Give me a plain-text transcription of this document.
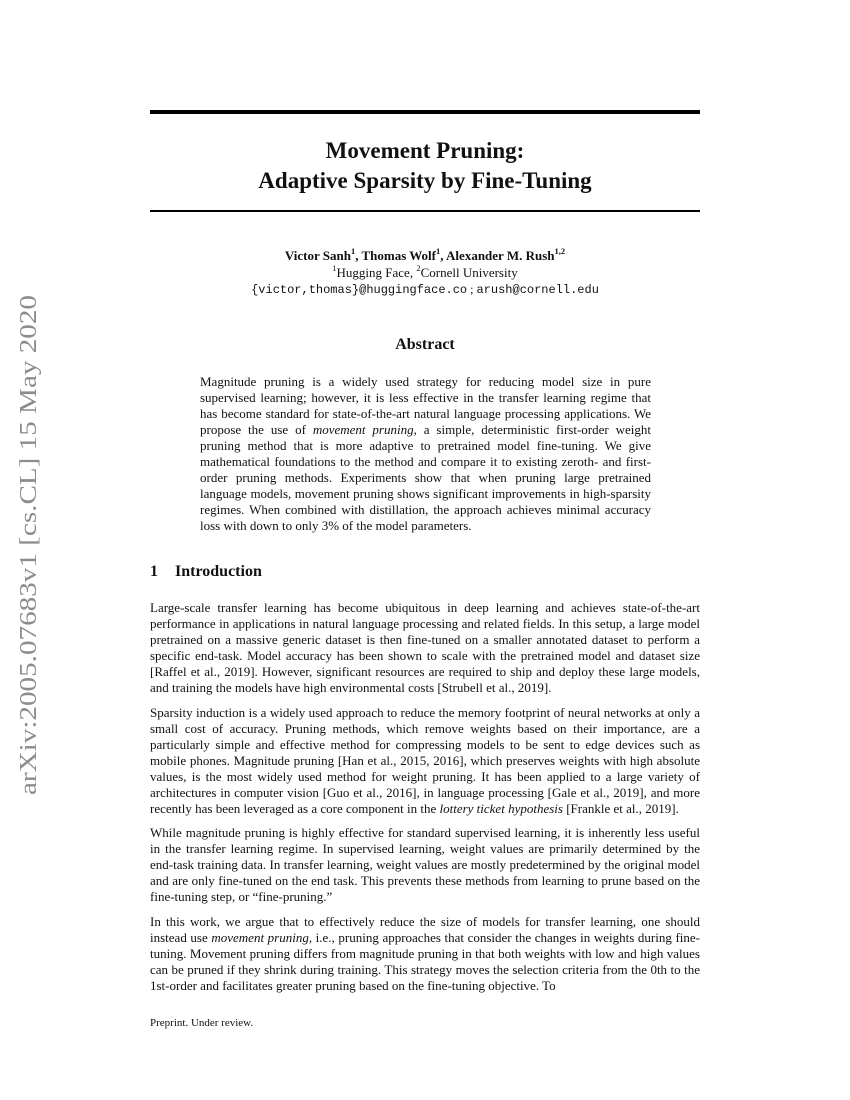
arXiv:2005.07683v1 [cs.CL] 15 May 2020
Movement Pruning:
Adaptive Sparsity by Fine-Tuning
Victor Sanh$^1$, Thomas Wolf$^1$, Alexander M. Rush$^{1,2}$
$^1$Hugging Face, $^2$Cornell University
{victor,thomas}@huggingface.co ; arush@cornell.edu
Abstract
Magnitude pruning is a widely used strategy for reducing model size in pure supervised learning; however, it is less effective in the transfer learning regime that has become standard for state-of-the-art natural language processing applications. We propose the use of movement pruning, a simple, deterministic first-order weight pruning method that is more adaptive to pretrained model fine-tuning. We give mathematical foundations to the method and compare it to existing zeroth- and first-order pruning methods. Experiments show that when pruning large pretrained language models, movement pruning shows significant improvements in high-sparsity regimes. When combined with distillation, the approach achieves minimal accuracy loss with down to only 3% of the model parameters.
1 Introduction

Large-scale transfer learning has become ubiquitous in deep learning and achieves state-of-the-art performance in applications in natural language processing and related fields. In this setup, a large model pretrained on a massive generic dataset is then fine-tuned on a smaller annotated dataset to perform a specific end-task. Model accuracy has been shown to scale with the pretrained model and dataset size [Raffel et al., 2019]. However, significant resources are required to ship and deploy these large models, and training the models have high environmental costs [Strubell et al., 2019].

Sparsity induction is a widely used approach to reduce the memory footprint of neural networks at only a small cost of accuracy. Pruning methods, which remove weights based on their importance, are a particularly simple and effective method for compressing models to be sent to edge devices such as mobile phones. Magnitude pruning [Han et al., 2015, 2016], which preserves weights with high absolute values, is the most widely used method for weight pruning. It has been applied to a large variety of architectures in computer vision [Guo et al., 2016], in language processing [Gale et al., 2019], and more recently has been leveraged as a core component in the lottery ticket hypothesis [Frankle et al., 2019].

While magnitude pruning is highly effective for standard supervised learning, it is inherently less useful in the transfer learning regime. In supervised learning, weight values are primarily determined by the end-task training data. In transfer learning, weight values are mostly predetermined by the original model and are only fine-tuned on the end task. This prevents these methods from learning to prune based on the fine-tuning step, or “fine-pruning.”

In this work, we argue that to effectively reduce the size of models for transfer learning, one should instead use movement pruning, i.e., pruning approaches that consider the changes in weights during fine-tuning. Movement pruning differs from magnitude pruning in that both weights with low and high values can be pruned if they shrink during training. This strategy moves the selection criteria from the 0th to the 1st-order and facilitates greater pruning based on the fine-tuning objective. To

Preprint. Under review.
